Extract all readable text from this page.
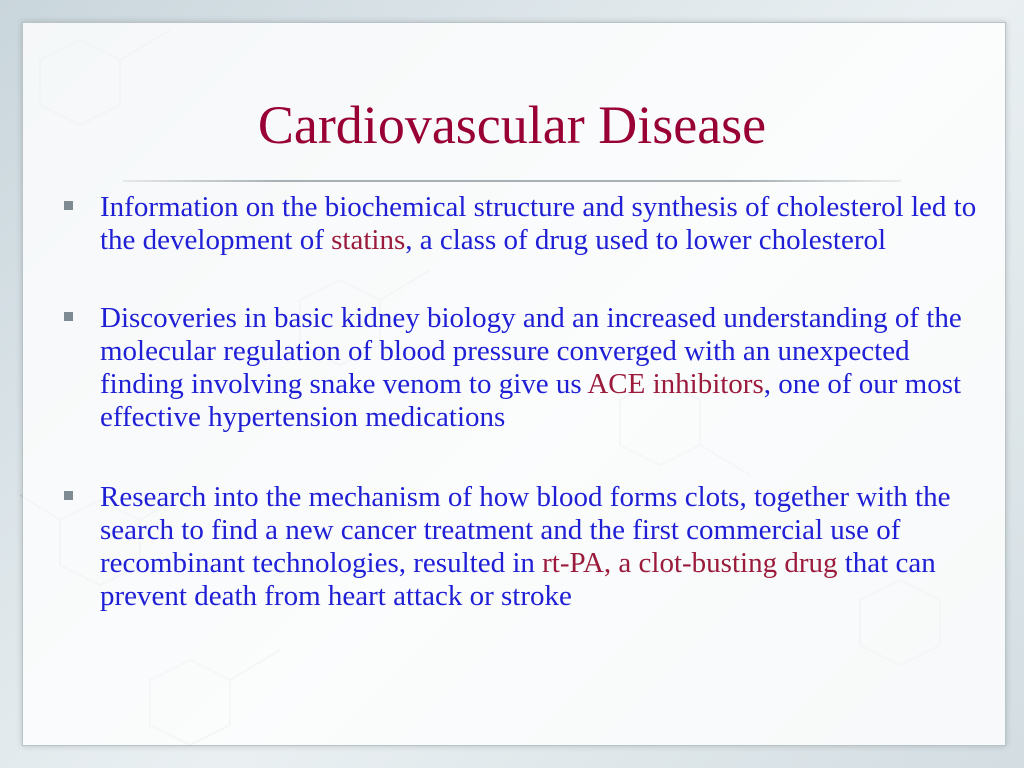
Cardiovascular Disease
Information on the biochemical structure and synthesis of cholesterol led to the development of statins, a class of drug used to lower cholesterol
Discoveries in basic kidney biology and an increased understanding of the molecular regulation of blood pressure converged with an unexpected finding involving snake venom to give us ACE inhibitors, one of our most effective hypertension medications
Research into the mechanism of how blood forms clots, together with the search to find a new cancer treatment and the first commercial use of recombinant technologies, resulted in rt-PA, a clot-busting drug that can prevent death from heart attack or stroke
